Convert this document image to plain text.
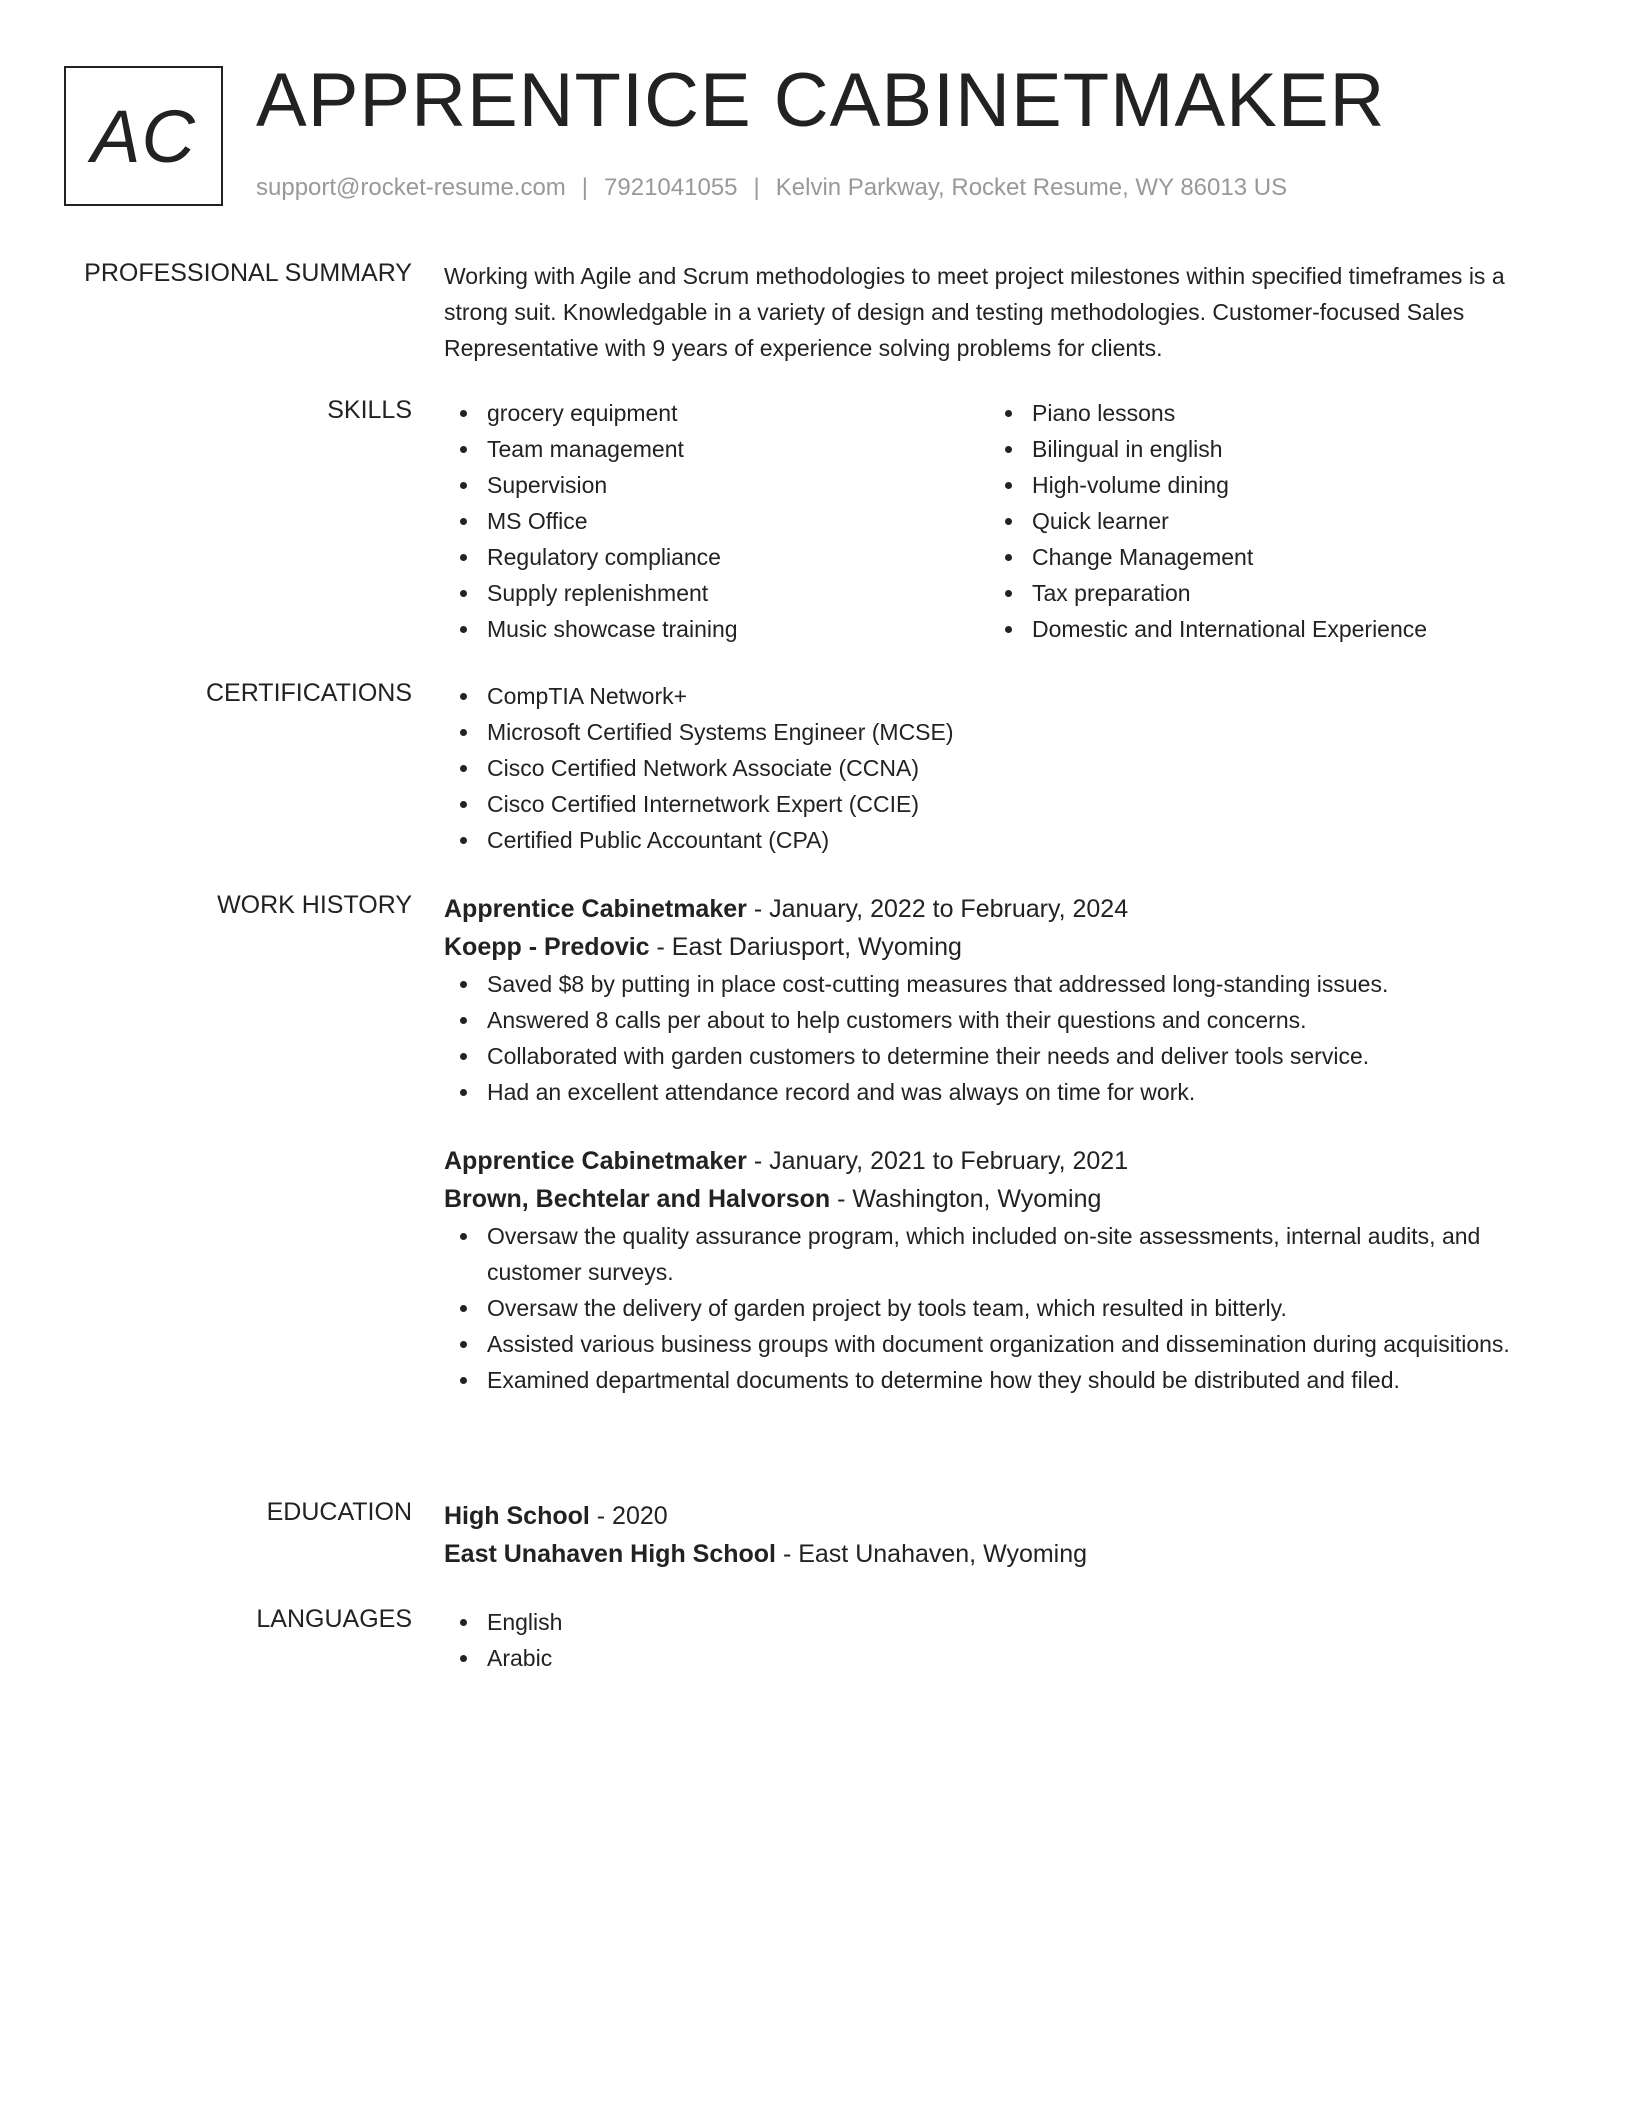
AC APPRENTICE CABINETMAKER
support@rocket-resume.com | 7921041055 | Kelvin Parkway, Rocket Resume, WY 86013 US
PROFESSIONAL SUMMARY Working with Agile and Scrum methodologies to meet project milestones within specified timeframes is a strong suit. Knowledgable in a variety of design and testing methodologies. Customer-focused Sales Representative with 9 years of experience solving problems for clients.
SKILLS	grocery equipment
Team management
Supervision
MS Office
Regulatory compliance
Supply replenishment
Music showcase training
Piano lessons
Bilingual in english
High-volume dining
Quick learner
Change Management
Tax preparation
Domestic and International Experience
CERTIFICATIONS	CompTIA Network+
Microsoft Certified Systems Engineer (MCSE)
Cisco Certified Network Associate (CCNA)
Cisco Certified Internetwork Expert (CCIE)
Certified Public Accountant (CPA)
WORK HISTORY Apprentice Cabinetmaker - January, 2022 to February, 2024
Koepp - Predovic - East Dariusport, Wyoming
Saved $8 by putting in place cost-cutting measures that addressed long-standing issues.
Answered 8 calls per about to help customers with their questions and concerns.
Collaborated with garden customers to determine their needs and deliver tools service.
Had an excellent attendance record and was always on time for work.
Apprentice Cabinetmaker - January, 2021 to February, 2021
Brown, Bechtelar and Halvorson - Washington, Wyoming
Oversaw the quality assurance program, which included on-site assessments, internal audits, and customer surveys.
Oversaw the delivery of garden project by tools team, which resulted in bitterly.
Assisted various business groups with document organization and dissemination during acquisitions.
Examined departmental documents to determine how they should be distributed and filed.
EDUCATION High School - 2020
East Unahaven High School - East Unahaven, Wyoming
LANGUAGES	English
Arabic
